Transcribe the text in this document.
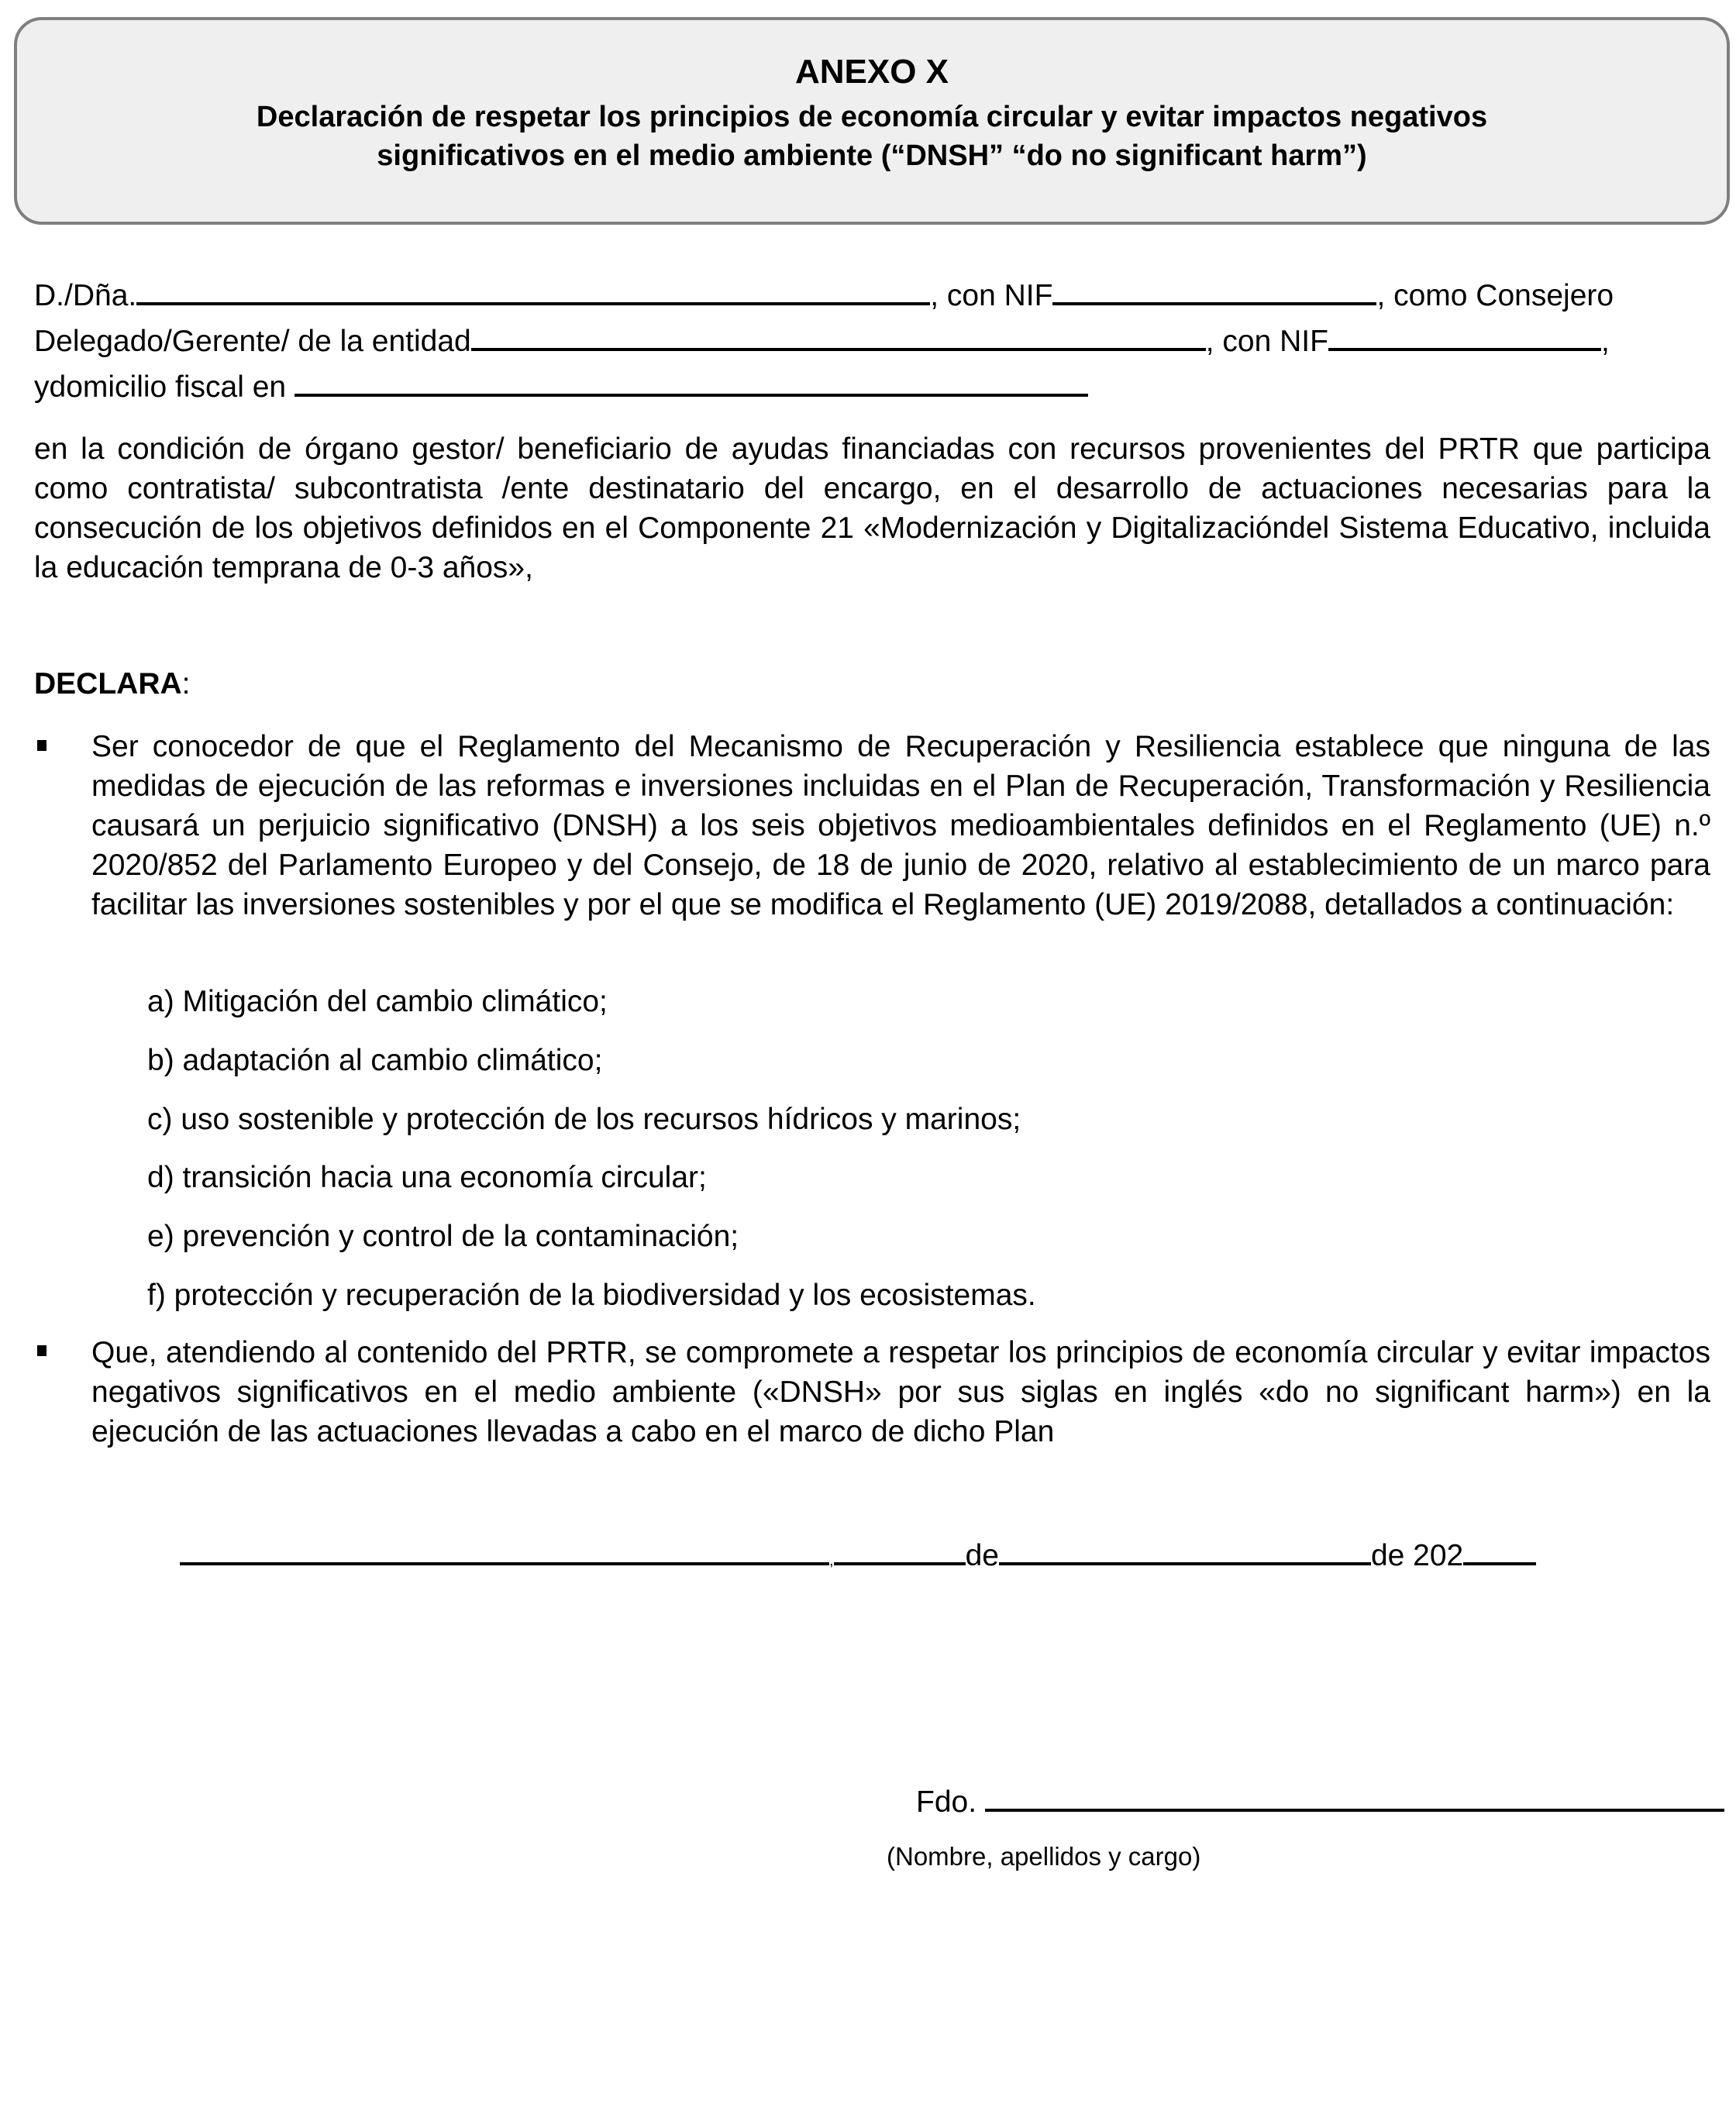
ANEXO X
Declaración de respetar los principios de economía circular y evitar impactos negativos
significativos en el medio ambiente (“DNSH” “do no significant harm”)
D./Dña.	, con NIF	, como Consejero
Delegado/Gerente/ de la entidad	, con NIF	,
ydomicilio fiscal en
en la condición de órgano gestor/ beneficiario de ayudas financiadas con recursos provenientes del PRTR que participa como contratista/ subcontratista /ente destinatario del encargo, en el desarrollo de actuaciones necesarias para la consecución de los objetivos definidos en el Componente 21 «Modernización y Digitalizacióndel Sistema Educativo, incluida la educación temprana de 0-3 años»,
DECLARA:
Ser conocedor de que el Reglamento del Mecanismo de Recuperación y Resiliencia establece que ninguna de las medidas de ejecución de las reformas e inversiones incluidas en el Plan de Recuperación, Transformación y Resiliencia causará un perjuicio significativo (DNSH) a los seis objetivos medioambientales definidos en el Reglamento (UE) n.º 2020/852 del Parlamento Europeo y del Consejo, de 18 de junio de 2020, relativo al establecimiento de un marco para facilitar las inversiones sostenibles y por el que se modifica el Reglamento (UE) 2019/2088, detallados a continuación:
a) Mitigación del cambio climático;
b) adaptación al cambio climático;
c) uso sostenible y protección de los recursos hídricos y marinos;
d) transición hacia una economía circular;
e) prevención y control de la contaminación;
f) protección y recuperación de la biodiversidad y los ecosistemas.
Que, atendiendo al contenido del PRTR, se compromete a respetar los principios de economía circular y evitar impactos negativos significativos en el medio ambiente («DNSH» por sus siglas en inglés «do no significant harm») en la ejecución de las actuaciones llevadas a cabo en el marco de dicho Plan
,	de	de 202
Fdo.
(Nombre, apellidos y cargo)
